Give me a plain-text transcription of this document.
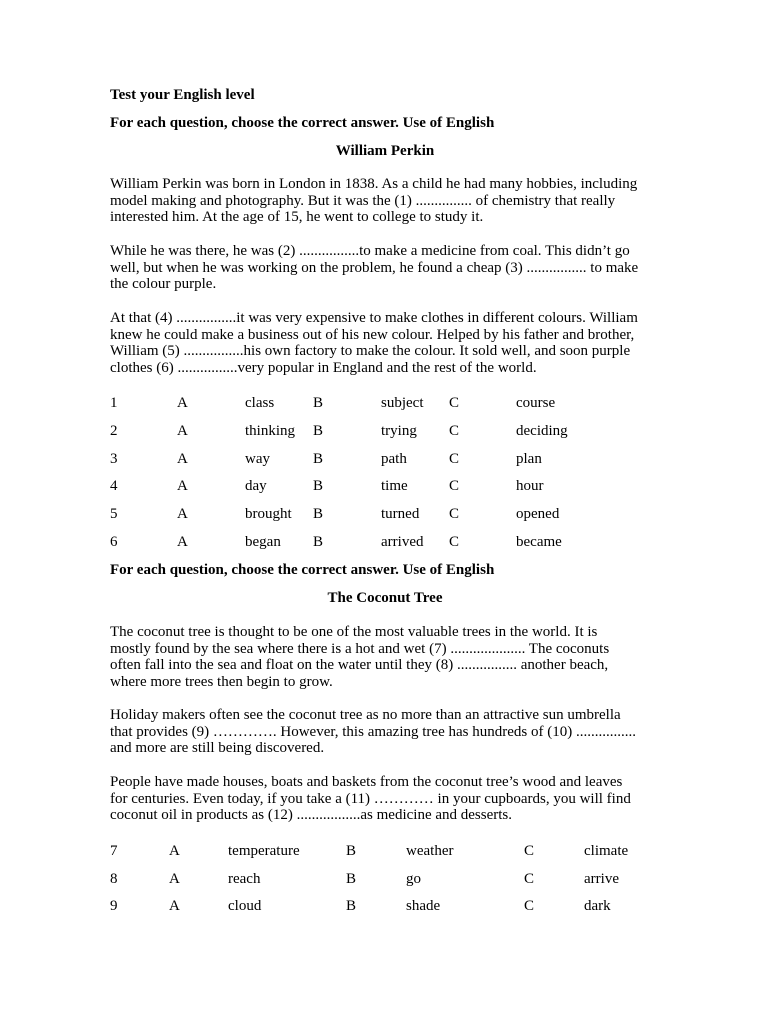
Test your English level
For each question, choose the correct answer. Use of English
William Perkin
William Perkin was born in London in 1838. As a child he had many hobbies, including
model making and photography. But it was the (1) ............... of chemistry that really
interested him. At the age of 15, he went to college to study it.
While he was there, he was (2) ................to make a medicine from coal. This didn’t go
well, but when he was working on the problem, he found a cheap (3) ................ to make
the colour purple.
At that (4) ................it was very expensive to make clothes in different colours. William
knew he could make a business out of his new colour. Helped by his father and brother,
William (5) ................his own factory to make the colour. It sold well, and soon purple
clothes (6) ................very popular in England and the rest of the world.
1	A	class	B	subject C	course
2	A	thinking B	trying C	deciding
3	A	way	B	path	C	plan
4	A	day	B	time	C	hour
5	A	brought B	turned C	opened
6	A	began B	arrived C	became
For each question, choose the correct answer. Use of English
The Coconut Tree
The coconut tree is thought to be one of the most valuable trees in the world. It is
mostly found by the sea where there is a hot and wet (7) .................... The coconuts
often fall into the sea and float on the water until they (8) ................ another beach,
where more trees then begin to grow.
Holiday makers often see the coconut tree as no more than an attractive sun umbrella
that provides (9) …………. However, this amazing tree has hundreds of (10) ................
and more are still being discovered.
People have made houses, boats and baskets from the coconut tree’s wood and leaves
for centuries. Even today, if you take a (11) ………… in your cupboards, you will find
coconut oil in products as (12) .................as medicine and desserts.
7	A	temperature	B	weather	C	climate
8	A	reach	B	go	C	arrive
9	A	cloud	B	shade	C	dark
